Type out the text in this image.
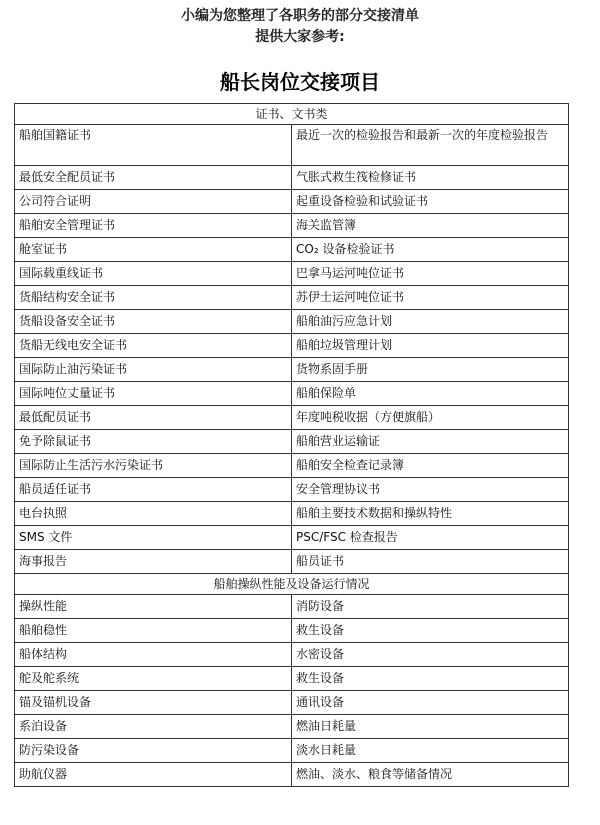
小编为您整理了各职务的部分交接清单
提供大家参考:
船长岗位交接项目
证书、文书类	
船舶国籍证书	最近一次的检验报告和最新一次的年度检验报告
最低安全配员证书	气胀式救生筏检修证书
公司符合证明	起重设备检验和试验证书
船舶安全管理证书	海关监管簿
舱室证书	CO₂ 设备检验证书
国际载重线证书	巴拿马运河吨位证书
货船结构安全证书	苏伊士运河吨位证书
货船设备安全证书	船舶油污应急计划
货船无线电安全证书	船舶垃圾管理计划
国际防止油污染证书	货物系固手册
国际吨位丈量证书	船舶保险单
最低配员证书	年度吨税收据（方便旗船）
免予除鼠证书	船舶营业运输证
国际防止生活污水污染证书	船舶安全检查记录簿
船员适任证书	安全管理协议书
电台执照	船舶主要技术数据和操纵特性
SMS 文件	PSC/FSC 检查报告
海事报告	船员证书
船舶操纵性能及设备运行情况	
操纵性能	消防设备
船舶稳性	救生设备
船体结构	水密设备
舵及舵系统	救生设备
锚及锚机设备	通讯设备
系泊设备	燃油日耗量
防污染设备	淡水日耗量
助航仪器	燃油、淡水、粮食等储备情况
